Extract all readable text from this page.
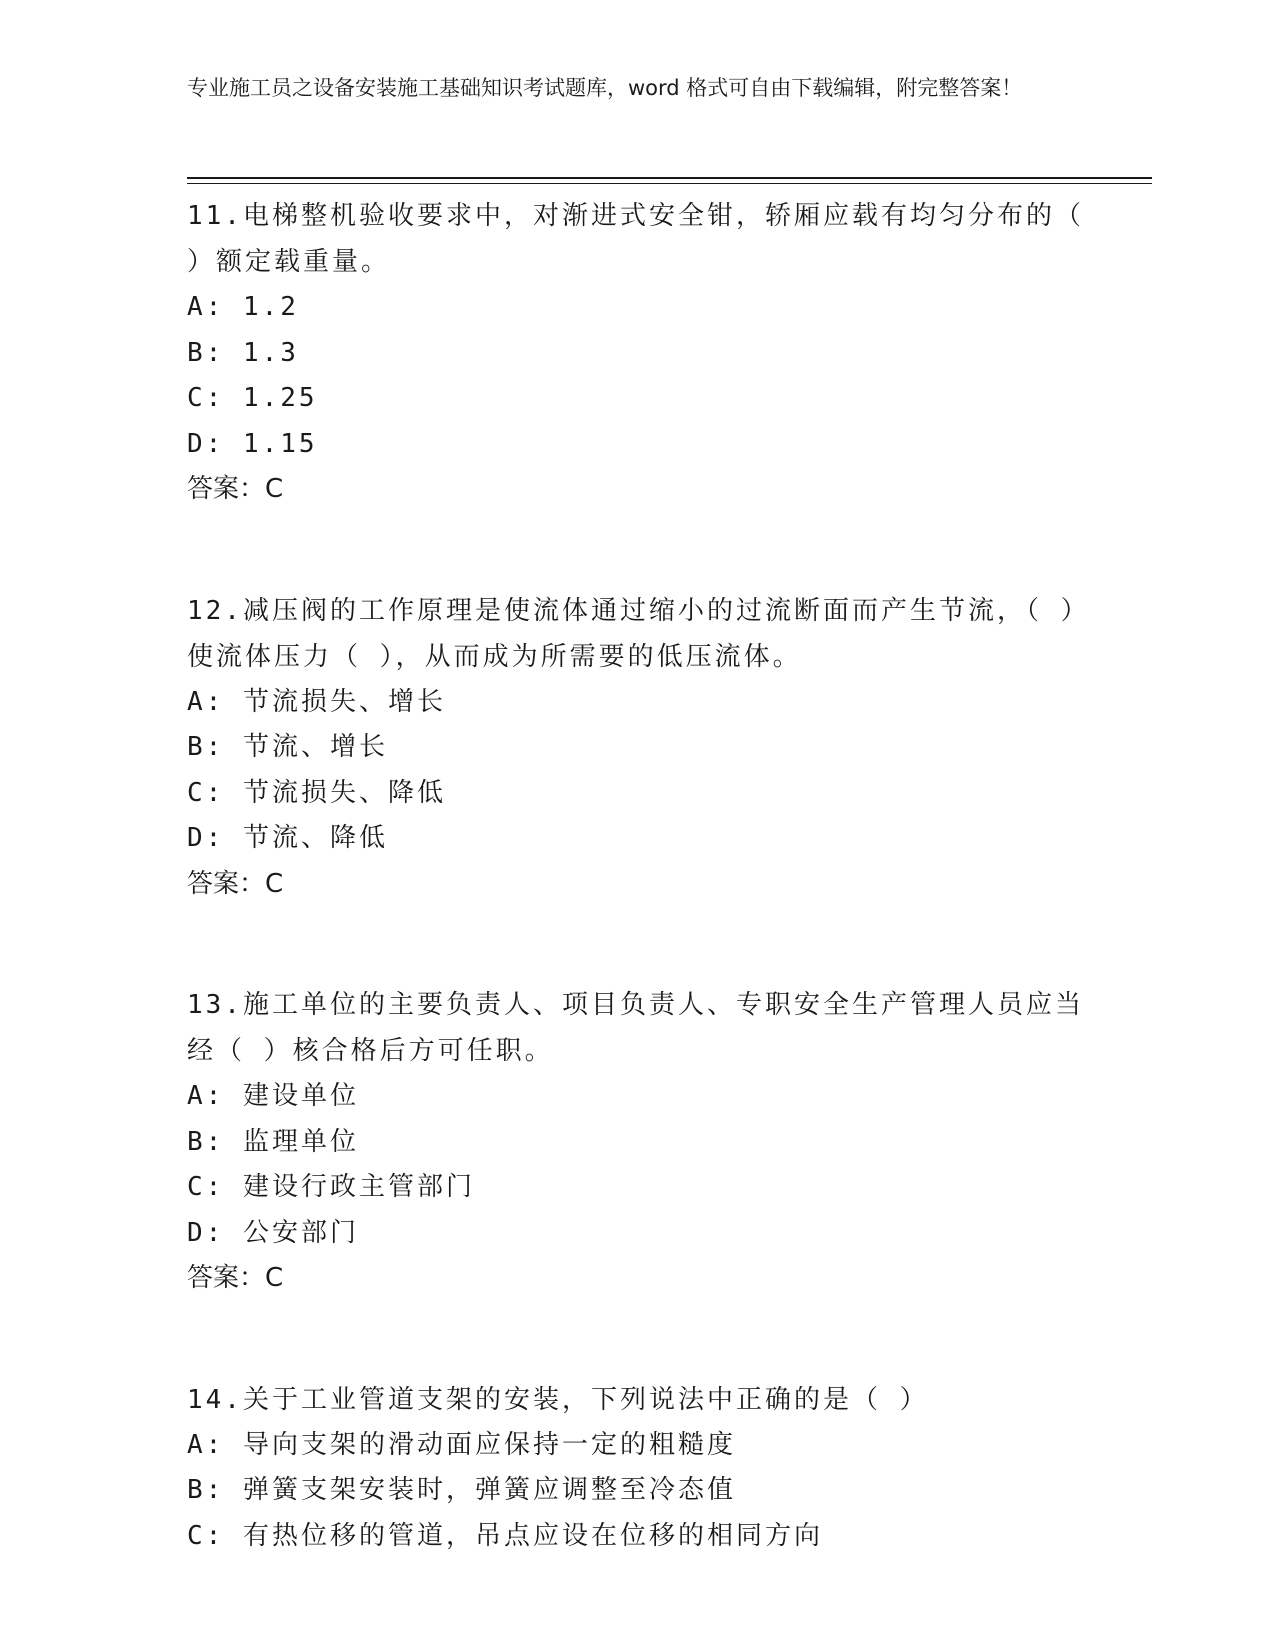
专业施工员之设备安装施工基础知识考试题库，word 格式可自由下载编辑，附完整答案！

11.电梯整机验收要求中，对渐进式安全钳，轿厢应载有均匀分布的（ ）额定载重量。

A: 1.2

B: 1.3

C: 1.25

D: 1.15

答案：C

12.减压阀的工作原理是使流体通过缩小的过流断面而产生节流，（ ）使流体压力（ ），从而成为所需要的低压流体。

A: 节流损失、增长

B: 节流、增长

C: 节流损失、降低

D: 节流、降低

答案：C

13.施工单位的主要负责人、项目负责人、专职安全生产管理人员应当经（ ）核合格后方可任职。

A: 建设单位

B: 监理单位

C: 建设行政主管部门

D: 公安部门

答案：C

14.关于工业管道支架的安装，下列说法中正确的是（ ）

A: 导向支架的滑动面应保持一定的粗糙度

B: 弹簧支架安装时，弹簧应调整至冷态值

C: 有热位移的管道，吊点应设在位移的相同方向
